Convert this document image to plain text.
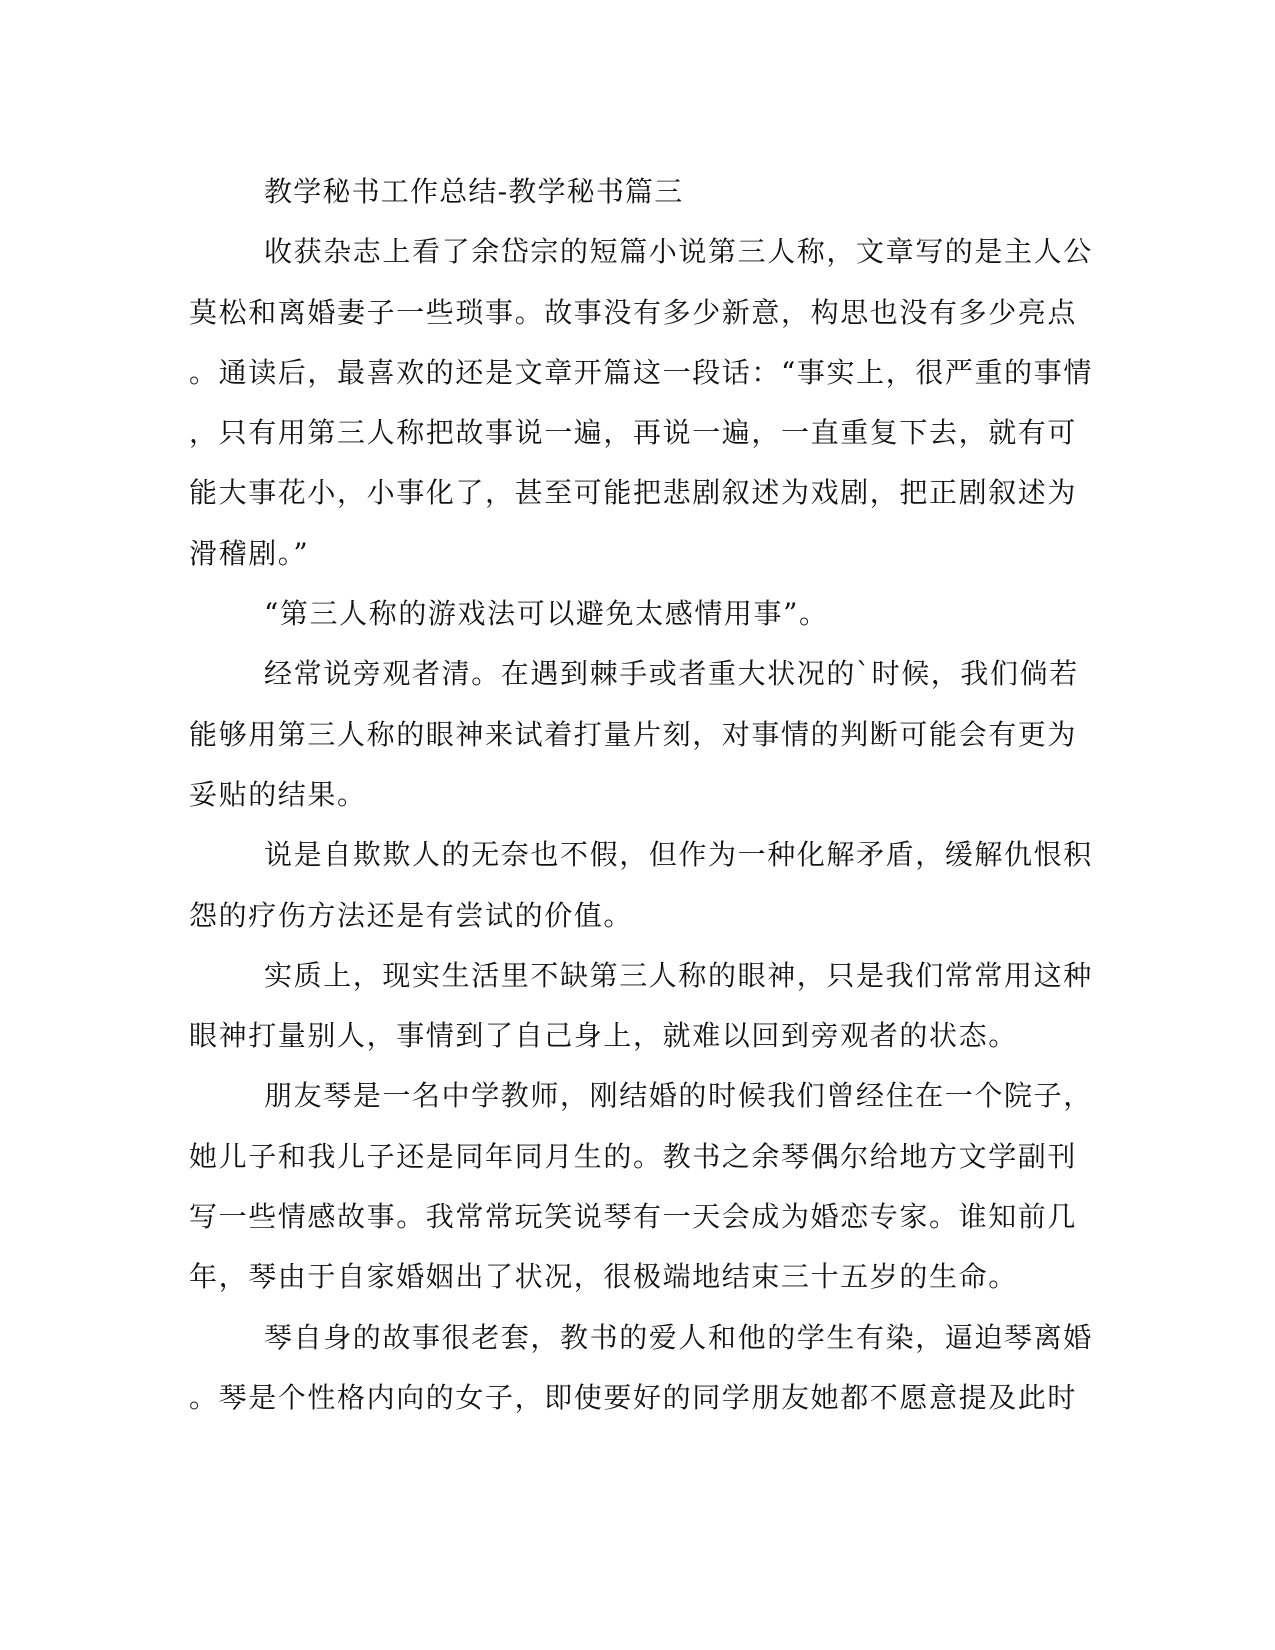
教学秘书工作总结-教学秘书篇三
收获杂志上看了余岱宗的短篇小说第三人称，文章写的是主人公
莫松和离婚妻子一些琐事。故事没有多少新意，构思也没有多少亮点
。通读后，最喜欢的还是文章开篇这一段话：“事实上，很严重的事情
，只有用第三人称把故事说一遍，再说一遍，一直重复下去，就有可
能大事花小，小事化了，甚至可能把悲剧叙述为戏剧，把正剧叙述为
滑稽剧。”
“第三人称的游戏法可以避免太感情用事”。
经常说旁观者清。在遇到棘手或者重大状况的`时候，我们倘若
能够用第三人称的眼神来试着打量片刻，对事情的判断可能会有更为
妥贴的结果。
说是自欺欺人的无奈也不假，但作为一种化解矛盾，缓解仇恨积
怨的疗伤方法还是有尝试的价值。
实质上，现实生活里不缺第三人称的眼神，只是我们常常用这种
眼神打量别人，事情到了自己身上，就难以回到旁观者的状态。
朋友琴是一名中学教师，刚结婚的时候我们曾经住在一个院子，
她儿子和我儿子还是同年同月生的。教书之余琴偶尔给地方文学副刊
写一些情感故事。我常常玩笑说琴有一天会成为婚恋专家。谁知前几
年，琴由于自家婚姻出了状况，很极端地结束三十五岁的生命。
琴自身的故事很老套，教书的爱人和他的学生有染，逼迫琴离婚
。琴是个性格内向的女子，即使要好的同学朋友她都不愿意提及此时
